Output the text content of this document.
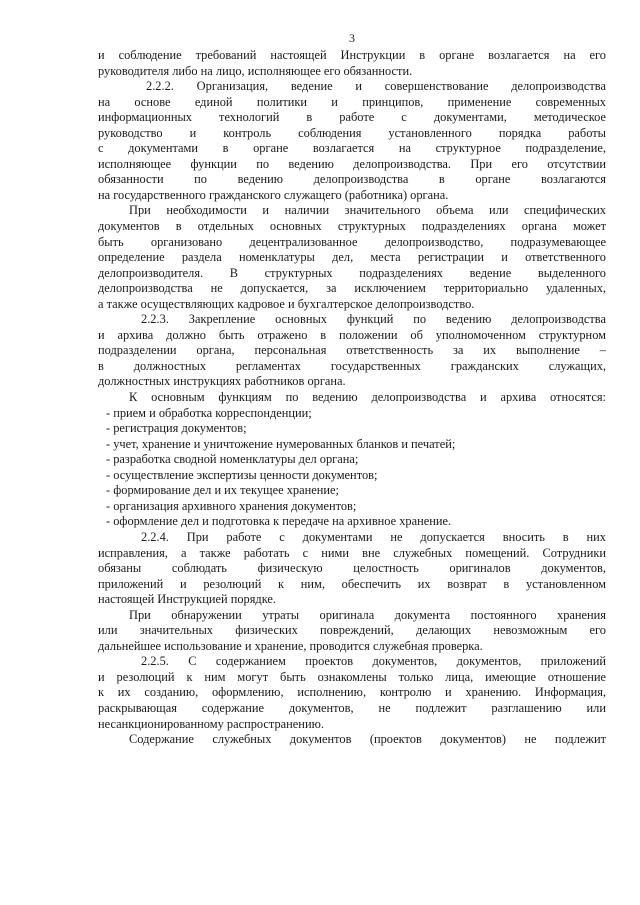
3
и соблюдение требований настоящей Инструкции в органе возлагается на его
руководителя либо на лицо, исполняющее его обязанности.
2.2.2. Организация, ведение и совершенствование делопроизводства
на основе единой политики и принципов, применение современных
информационных технологий в работе с документами, методическое
руководство и контроль соблюдения установленного порядка работы
с документами в органе возлагается на структурное подразделение,
исполняющее функции по ведению делопроизводства. При его отсутствии
обязанности по ведению делопроизводства в органе возлагаются
на государственного гражданского служащего (работника) органа.
При необходимости и наличии значительного объема или специфических
документов в отдельных основных структурных подразделениях органа может
быть организовано децентрализованное делопроизводство, подразумевающее
определение раздела номенклатуры дел, места регистрации и ответственного
делопроизводителя. В структурных подразделениях ведение выделенного
делопроизводства не допускается, за исключением территориально удаленных,
а также осуществляющих кадровое и бухгалтерское делопроизводство.
2.2.3. Закрепление основных функций по ведению делопроизводства
и архива должно быть отражено в положении об уполномоченном структурном
подразделении органа, персональная ответственность за их выполнение –
в должностных регламентах государственных гражданских служащих,
должностных инструкциях работников органа.
К основным функциям по ведению делопроизводства и архива относятся:
- прием и обработка корреспонденции;
- регистрация документов;
- учет, хранение и уничтожение нумерованных бланков и печатей;
- разработка сводной номенклатуры дел органа;
- осуществление экспертизы ценности документов;
- формирование дел и их текущее хранение;
- организация архивного хранения документов;
- оформление дел и подготовка к передаче на архивное хранение.
2.2.4. При работе с документами не допускается вносить в них
исправления, а также работать с ними вне служебных помещений. Сотрудники
обязаны соблюдать физическую целостность оригиналов документов,
приложений и резолюций к ним, обеспечить их возврат в установленном
настоящей Инструкцией порядке.
При обнаружении утраты оригинала документа постоянного хранения
или значительных физических повреждений, делающих невозможным его
дальнейшее использование и хранение, проводится служебная проверка.
2.2.5. С содержанием проектов документов, документов, приложений
и резолюций к ним могут быть ознакомлены только лица, имеющие отношение
к их созданию, оформлению, исполнению, контролю и хранению. Информация,
раскрывающая содержание документов, не подлежит разглашению или
несанкционированному распространению.
Содержание служебных документов (проектов документов) не подлежит
